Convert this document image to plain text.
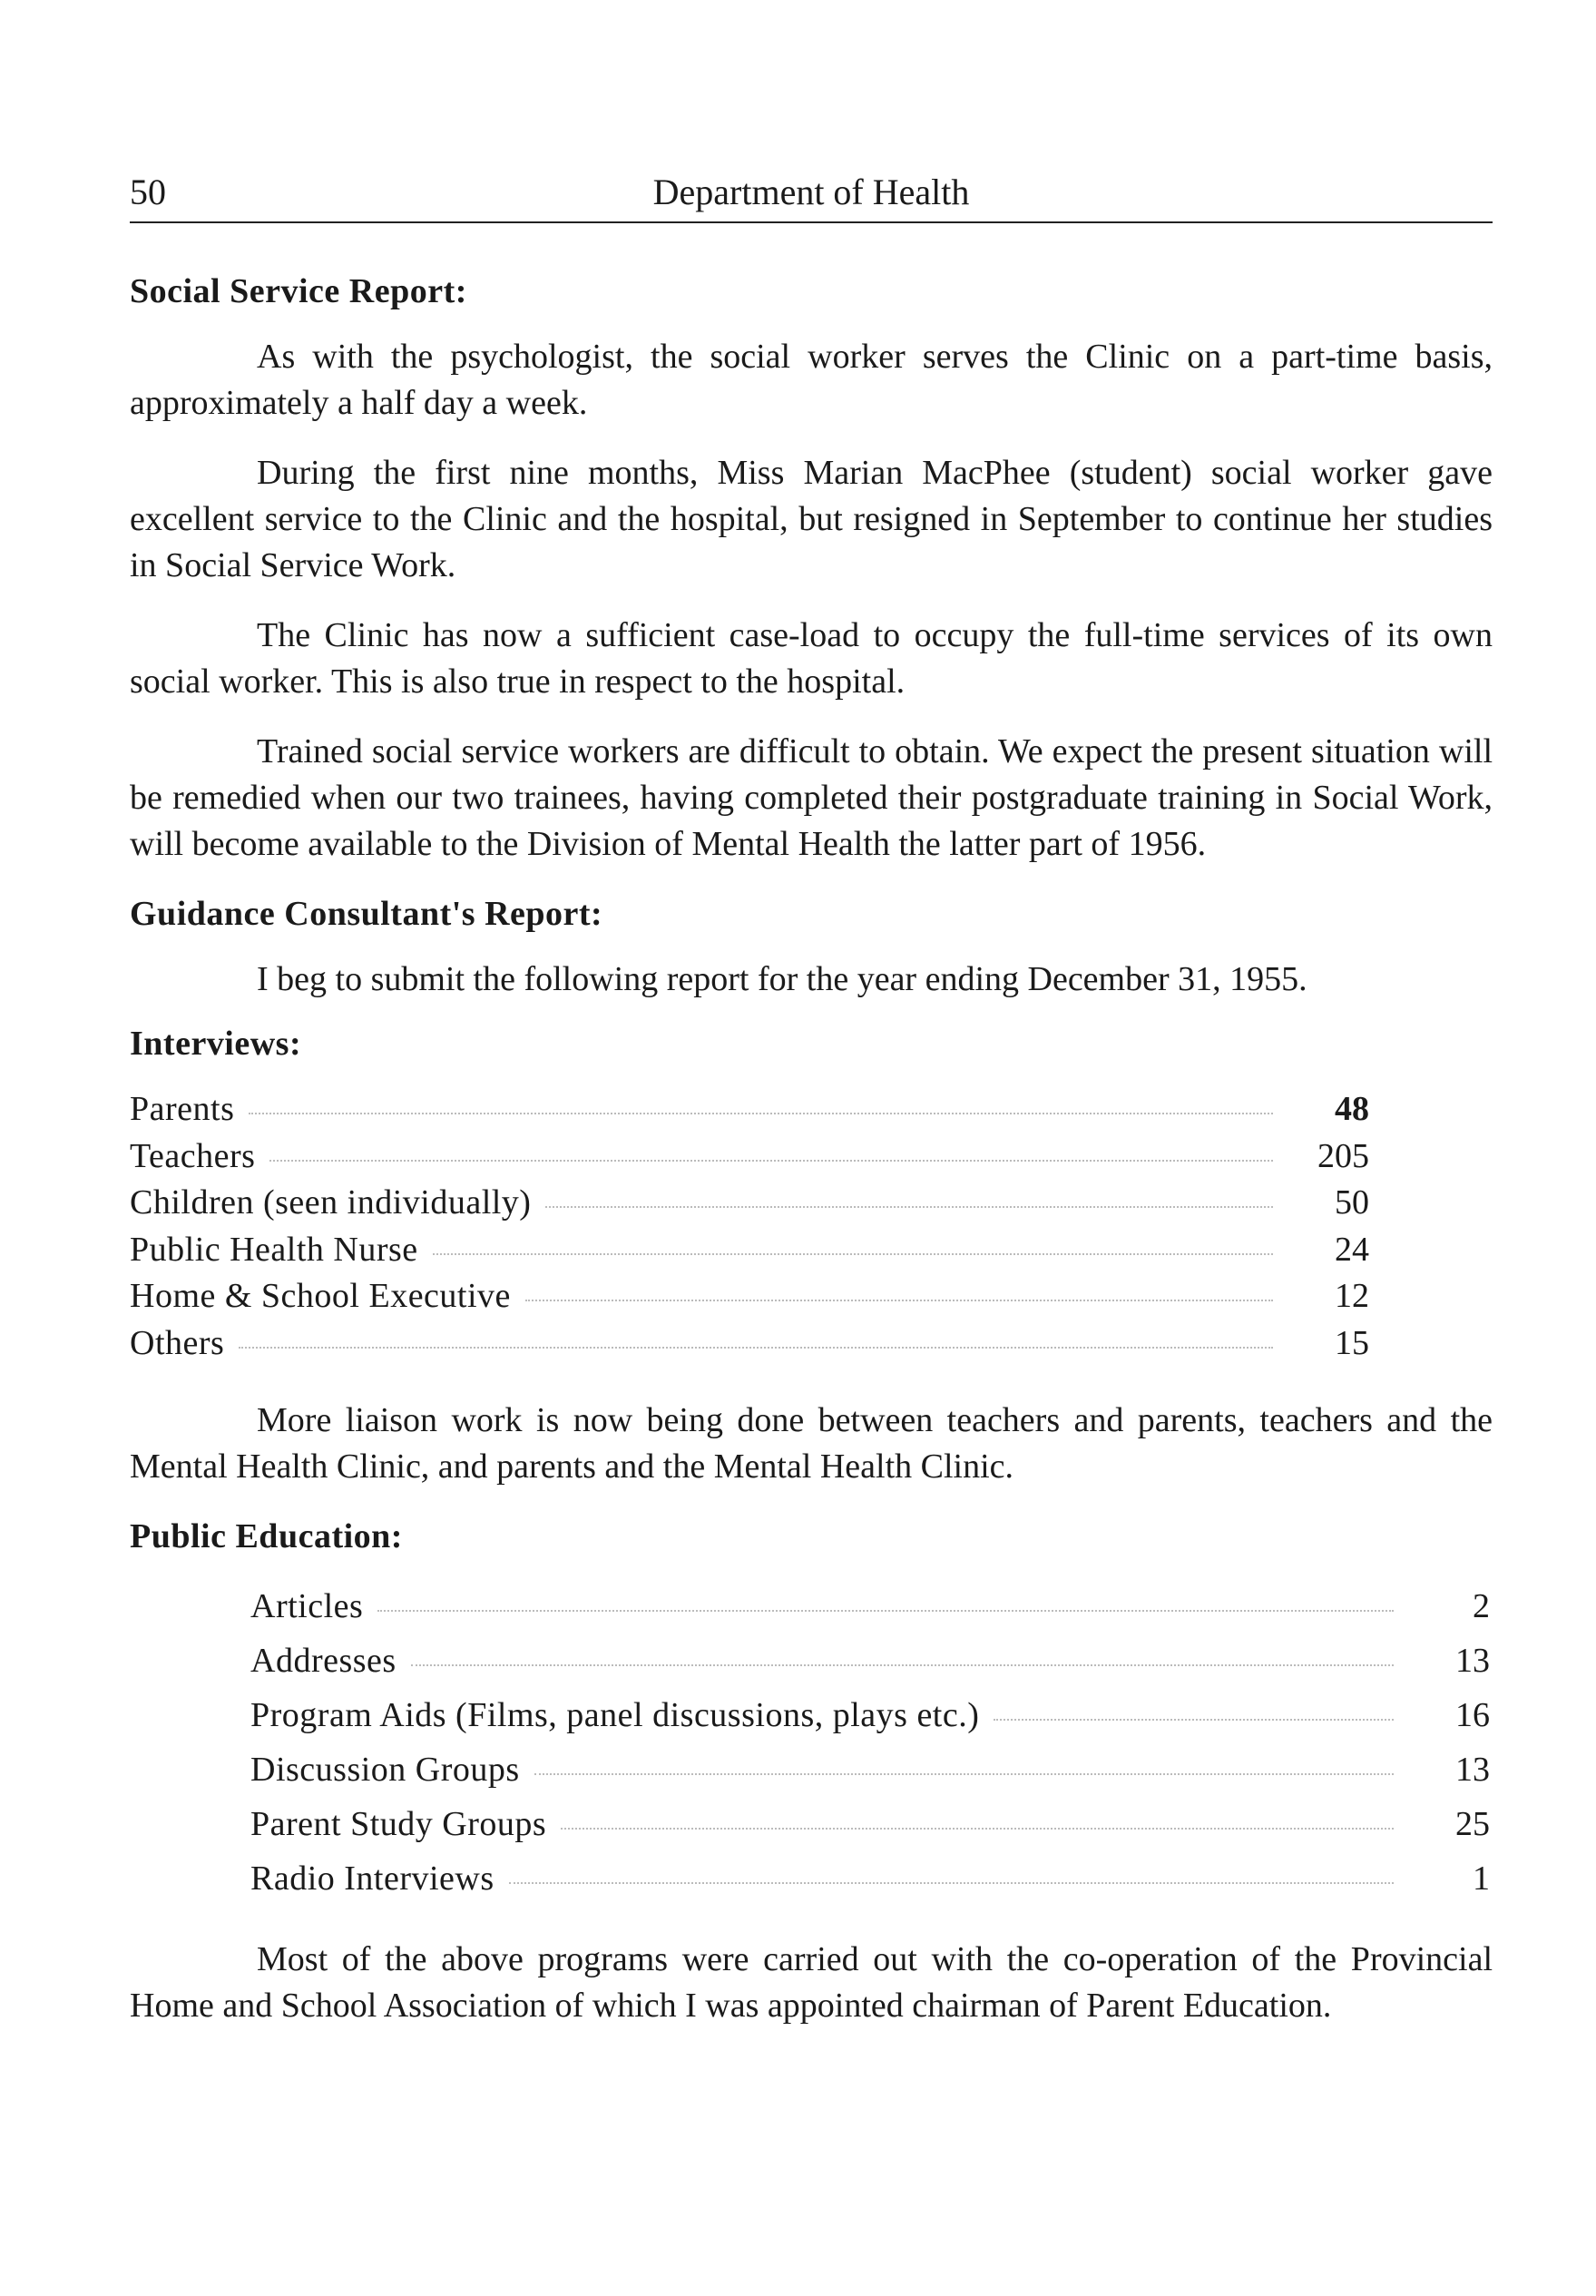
50	Department of Health
Social Service Report:

As with the psychologist, the social worker serves the Clinic on a part-time basis, approximately a half day a week.

During the first nine months, Miss Marian MacPhee (student) social worker gave excellent service to the Clinic and the hospital, but resigned in September to continue her studies in Social Service Work.

The Clinic has now a sufficient case-load to occupy the full-time services of its own social worker. This is also true in respect to the hospital.

Trained social service workers are difficult to obtain. We expect the present situation will be remedied when our two trainees, having completed their postgraduate training in Social Work, will become available to the Division of Mental Health the latter part of 1956.

Guidance Consultant's Report:

I beg to submit the following report for the year ending December 31, 1955.

Interviews:
Parents	48
Teachers	205
Children (seen individually)	50
Public Health Nurse	24
Home & School Executive	12
Others	15

More liaison work is now being done between teachers and parents, teachers and the Mental Health Clinic, and parents and the Mental Health Clinic.

Public Education:
Articles	2
Addresses	13
Program Aids (Films, panel discussions, plays etc.)	16
Discussion Groups	13
Parent Study Groups	25
Radio Interviews	1

Most of the above programs were carried out with the co-operation of the Provincial Home and School Association of which I was appointed chairman of Parent Education.
